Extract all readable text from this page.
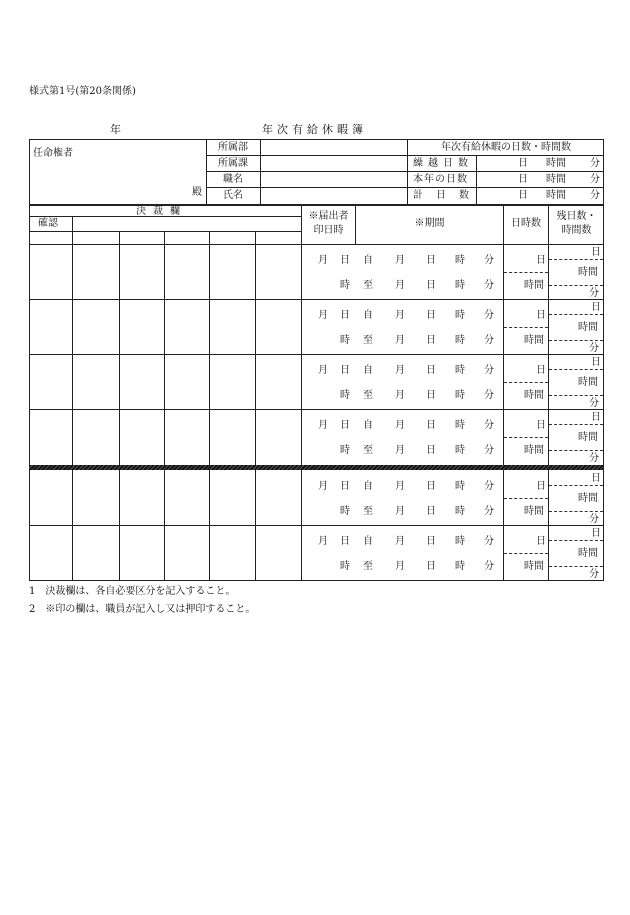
様式第1号(第20条関係)
年	年次有給休暇簿
任命権者
殿
所属部
所属課
職名
氏名
年次有給休暇の日数・時間数
繰越日数
本年の日数
計日数
日 時間 分
日 時間 分
日 時間 分
決裁欄
確認
※届出者
印日時
※期間	日時数
残日数・
時間数
月 日
時
自
至
月
月
日
日
時
時
分
分
日
時間
日
時間
分
月 日
時
自
至
月
月
日
日
時
時
分
分
日
時間
日
時間
分
月 日
時
自
至
月
月
日
日
時
時
分
分
日
時間
日
時間
分
月 日
時
自
至
月
月
日
日
時
時
分
分
日
時間
日
時間
分
月 日
時
自
至
月
月
日
日
時
時
分
分
日
時間
日
時間
分
月 日
時
自
至
月
月
日
日
時
時
分
分
日
時間
日
時間
分
1　決裁欄は、各自必要区分を記入すること。
2　※印の欄は、職員が記入し又は押印すること。
